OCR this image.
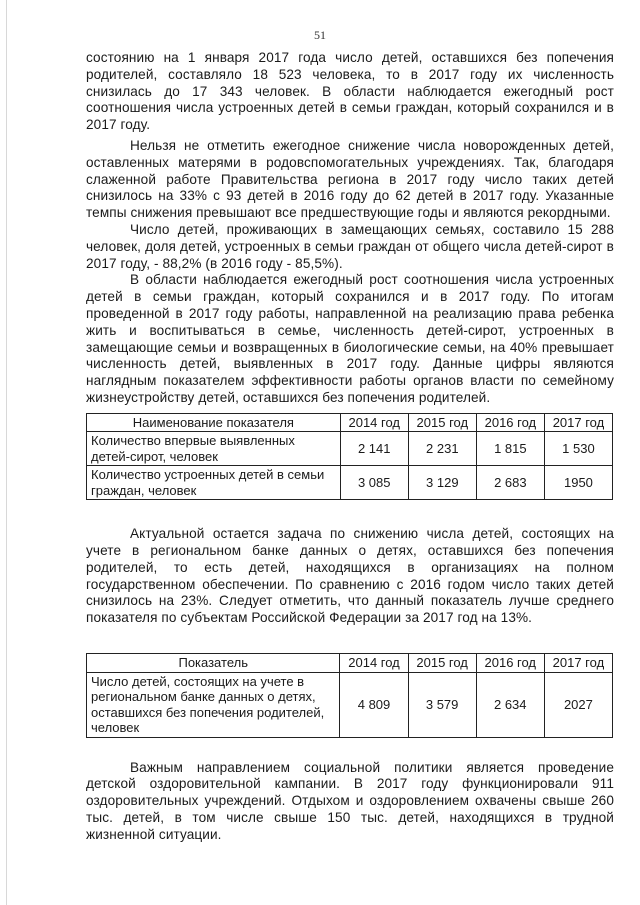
51

состоянию на 1 января 2017 года число детей, оставшихся без попечения родителей, составляло 18 523 человека, то в 2017 году их численность снизилась до 17 343 человек. В области наблюдается ежегодный рост соотношения числа устроенных детей в семьи граждан, который сохранился и в 2017 году.

Нельзя не отметить ежегодное снижение числа новорожденных детей, оставленных матерями в родовспомогательных учреждениях. Так, благодаря слаженной работе Правительства региона в 2017 году число таких детей снизилось на 33% с 93 детей в 2016 году до 62 детей в 2017 году. Указанные темпы снижения превышают все предшествующие годы и являются рекордными.

Число детей, проживающих в замещающих семьях, составило 15 288 человек, доля детей, устроенных в семьи граждан от общего числа детей-сирот в 2017 году, - 88,2% (в 2016 году - 85,5%).

В области наблюдается ежегодный рост соотношения числа устроенных детей в семьи граждан, который сохранился и в 2017 году. По итогам проведенной в 2017 году работы, направленной на реализацию права ребенка жить и воспитываться в семье, численность детей-сирот, устроенных в замещающие семьи и возвращенных в биологические семьи, на 40% превышает численность детей, выявленных в 2017 году. Данные цифры являются наглядным показателем эффективности работы органов власти по семейному жизнеустройству детей, оставшихся без попечения родителей.

Наименование показателя	2014 год	2015 год	2016 год	2017 год
Количество впервые выявленных детей-сирот, человек	2 141	2 231	1 815	1 530
Количество устроенных детей в семьи граждан, человек	3 085	3 129	2 683	1950

Актуальной остается задача по снижению числа детей, состоящих на учете в региональном банке данных о детях, оставшихся без попечения родителей, то есть детей, находящихся в организациях на полном государственном обеспечении. По сравнению с 2016 годом число таких детей снизилось на 23%. Следует отметить, что данный показатель лучше среднего показателя по субъектам Российской Федерации за 2017 год на 13%.

Показатель	2014 год	2015 год	2016 год	2017 год
Число детей, состоящих на учете в региональном банке данных о детях, оставшихся без попечения родителей, человек	4 809	3 579	2 634	2027

Важным направлением социальной политики является проведение детской оздоровительной кампании. В 2017 году функционировали 911 оздоровительных учреждений. Отдыхом и оздоровлением охвачены свыше 260 тыс. детей, в том числе свыше 150 тыс. детей, находящихся в трудной жизненной ситуации.
